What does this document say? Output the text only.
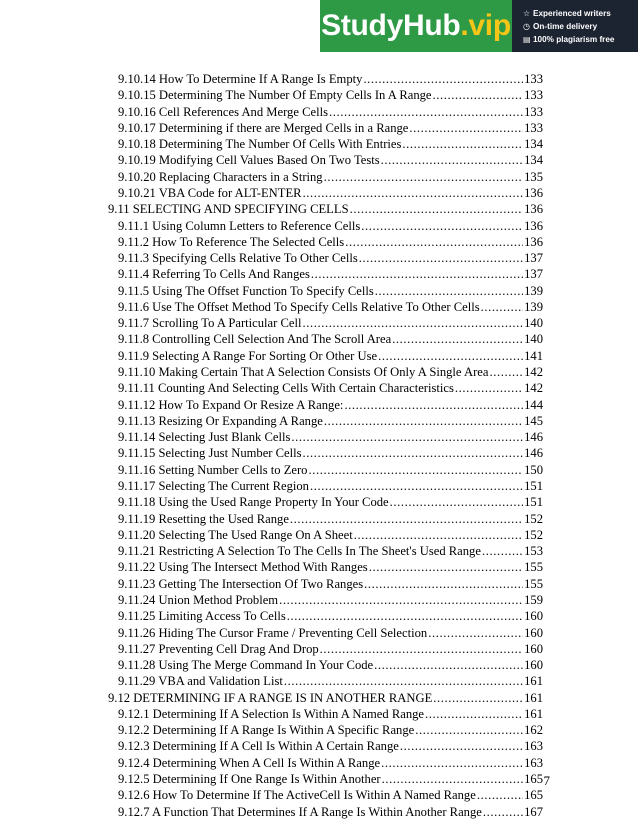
StudyHub .vip ☆ Experienced writers
◷ On-time delivery
▤ 100% plagiarism free
9.10.14 How To Determine If A Range Is Empty .....	133
9.10.15 Determining The Number Of Empty Cells In A Range .....	133
9.10.16 Cell References And Merge Cells .....	133
9.10.17 Determining if there are Merged Cells in a Range .....	133
9.10.18 Determining The Number Of Cells With Entries .....	134
9.10.19 Modifying Cell Values Based On Two Tests .....	134
9.10.20 Replacing Characters in a String .....	135
9.10.21 VBA Code for ALT-ENTER .....	136
9.11 SELECTING AND SPECIFYING CELLS .....	136
9.11.1 Using Column Letters to Reference Cells .....	136
9.11.2 How To Reference The Selected Cells .....	136
9.11.3 Specifying Cells Relative To Other Cells .....	137
9.11.4 Referring To Cells And Ranges .....	137
9.11.5 Using The Offset Function To Specify Cells .....	139
9.11.6 Use The Offset Method To Specify Cells Relative To Other Cells .....	139
9.11.7 Scrolling To A Particular Cell .....	140
9.11.8 Controlling Cell Selection And The Scroll Area .....	140
9.11.9 Selecting A Range For Sorting Or Other Use .....	141
9.11.10 Making Certain That A Selection Consists Of Only A Single Area .....	142
9.11.11 Counting And Selecting Cells With Certain Characteristics .....	142
9.11.12 How To Expand Or Resize A Range: .....	144
9.11.13 Resizing Or Expanding A Range .....	145
9.11.14 Selecting Just Blank Cells .....	146
9.11.15 Selecting Just Number Cells .....	146
9.11.16 Setting Number Cells to Zero .....	150
9.11.17 Selecting The Current Region .....	151
9.11.18 Using the Used Range Property In Your Code .....	151
9.11.19 Resetting the Used Range .....	152
9.11.20 Selecting The Used Range On A Sheet .....	152
9.11.21 Restricting A Selection To The Cells In The Sheet's Used Range .....	153
9.11.22 Using The Intersect Method With Ranges .....	155
9.11.23 Getting The Intersection Of Two Ranges .....	155
9.11.24 Union Method Problem .....	159
9.11.25 Limiting Access To Cells .....	160
9.11.26 Hiding The Cursor Frame / Preventing Cell Selection .....	160
9.11.27 Preventing Cell Drag And Drop .....	160
9.11.28 Using The Merge Command In Your Code .....	160
9.11.29 VBA and Validation List .....	161
9.12 DETERMINING IF A RANGE IS IN ANOTHER RANGE .....	161
9.12.1 Determining If A Selection Is Within A Named Range .....	161
9.12.2 Determining If A Range Is Within A Specific Range .....	162
9.12.3 Determining If A Cell Is Within A Certain Range .....	163
9.12.4 Determining When A Cell Is Within A Range .....	163
9.12.5 Determining If One Range Is Within Another .....	165
9.12.6 How To Determine If The ActiveCell Is Within A Named Range .....	165
9.12.7 A Function That Determines If A Range Is Within Another Range .....	167
7
